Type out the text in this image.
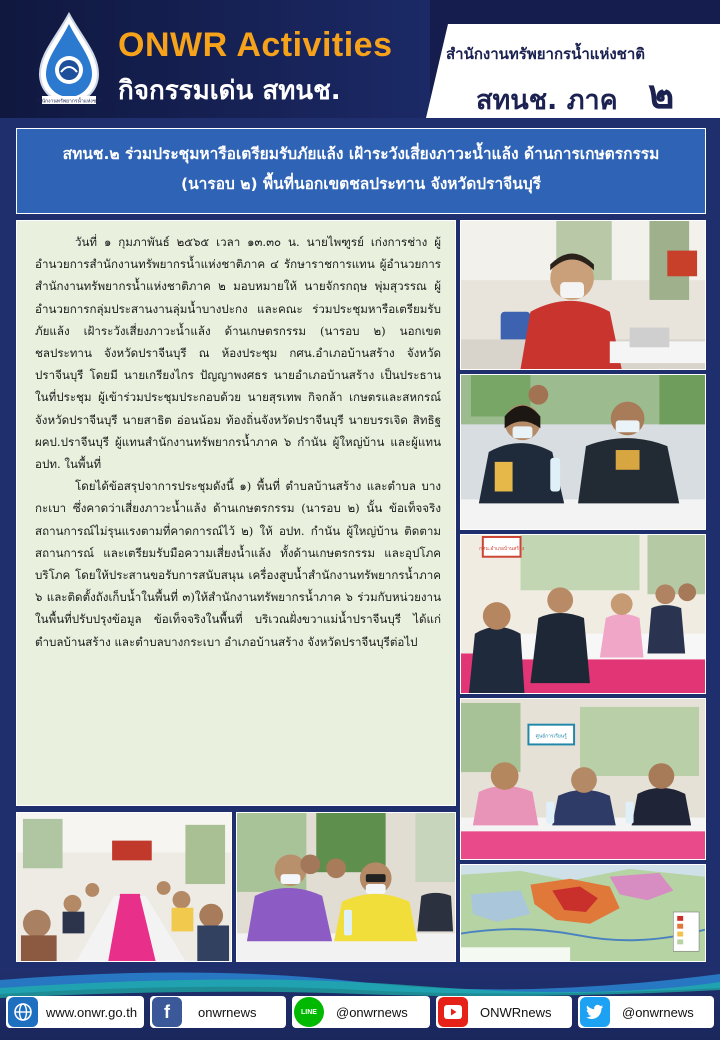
สำนักงานทรัพยากรน้ำแห่งชาติ
ONWR Activities
กิจกรรมเด่น สทนช.
สำนักงานทรัพยากรน้ำแห่งชาติ
สทนช. ภาค ๒
สทนช.๒ ร่วมประชุมหารือเตรียมรับภัยแล้ง เฝ้าระวังเสี่ยงภาวะน้ำแล้ง ด้านการเกษตรกรรม
(นารอบ ๒) พื้นที่นอกเขตชลประทาน จังหวัดปราจีนบุรี

วันที่ ๑ กุมภาพันธ์ ๒๕๖๕ เวลา ๑๓.๓๐ น. นายไพฑูรย์ เก่งการช่าง ผู้อำนวยการสำนักงานทรัพยากรน้ำแห่งชาติภาค ๔ รักษาราชการแทน ผู้อำนวยการสำนักงานทรัพยากรน้ำแห่งชาติภาค ๒ มอบหมายให้ นายจักรกฤษ พุ่มสุวรรณ ผู้อำนวยการกลุ่มประสานงานลุ่มน้ำบางปะกง และคณะ ร่วมประชุมหารือเตรียมรับภัยแล้ง เฝ้าระวังเสี่ยงภาวะน้ำแล้ง ด้านเกษตรกรรม (นารอบ ๒) นอกเขตชลประทาน จังหวัดปราจีนบุรี ณ ห้องประชุม กศน.อำเภอบ้านสร้าง จังหวัดปราจีนบุรี โดยมี นายเกรียงไกร ปัญญาพงศธร นายอำเภอบ้านสร้าง เป็นประธานในที่ประชุม ผู้เข้าร่วมประชุมประกอบด้วย นายสุรเทพ กิจกล้า เกษตรและสหกรณ์ จังหวัดปราจีนบุรี นายสาธิต อ่อนน้อม ท้องถิ่นจังหวัดปราจีนบุรี นายบรรเจิด สิทธิฐ ผคป.ปราจีนบุรี ผู้แทนสำนักงานทรัพยากรน้ำภาค ๖ กำนัน ผู้ใหญ่บ้าน และผู้แทน อปท. ในพื้นที่

โดยได้ข้อสรุปจาการประชุมดังนี้ ๑) พื้นที่ ตำบลบ้านสร้าง และตำบล บางกะเบา ซึ่งคาดว่าเสี่ยงภาวะน้ำแล้ง ด้านเกษตรกรรม (นารอบ ๒) นั้น ข้อเท็จจริง สถานการณ์ไม่รุนแรงตามที่คาดการณ์ไว้ ๒) ให้ อปท. กำนัน ผู้ใหญ่บ้าน ติดตามสถานการณ์ และเตรียมรับมือความเสี่ยงน้ำแล้ง ทั้งด้านเกษตรกรรม และอุปโภคบริโภค โดยให้ประสานขอรับการสนับสนุน เครื่องสูบน้ำสำนักงานทรัพยากรน้ำภาค ๖ และติดตั้งถังเก็บน้ำในพื้นที่ ๓)ให้สำนักงานทรัพยากรน้ำภาค ๖ ร่วมกับหน่วยงานในพื้นที่ปรับปรุงข้อมูล ข้อเท็จจริงในพื้นที่ บริเวณฝั่งขวาแม่น้ำปราจีนบุรี ได้แก่ ตำบลบ้านสร้าง และตำบลบางกระเบา อำเภอบ้านสร้าง จังหวัดปราจีนบุรีต่อไป

กศน.อำเภอบ้านสร้าง
ศูนย์การเรียนรู้
www.onwr.go.th	f	onwrnews	LINE @onwrnews	ONWRnews	@onwrnews
